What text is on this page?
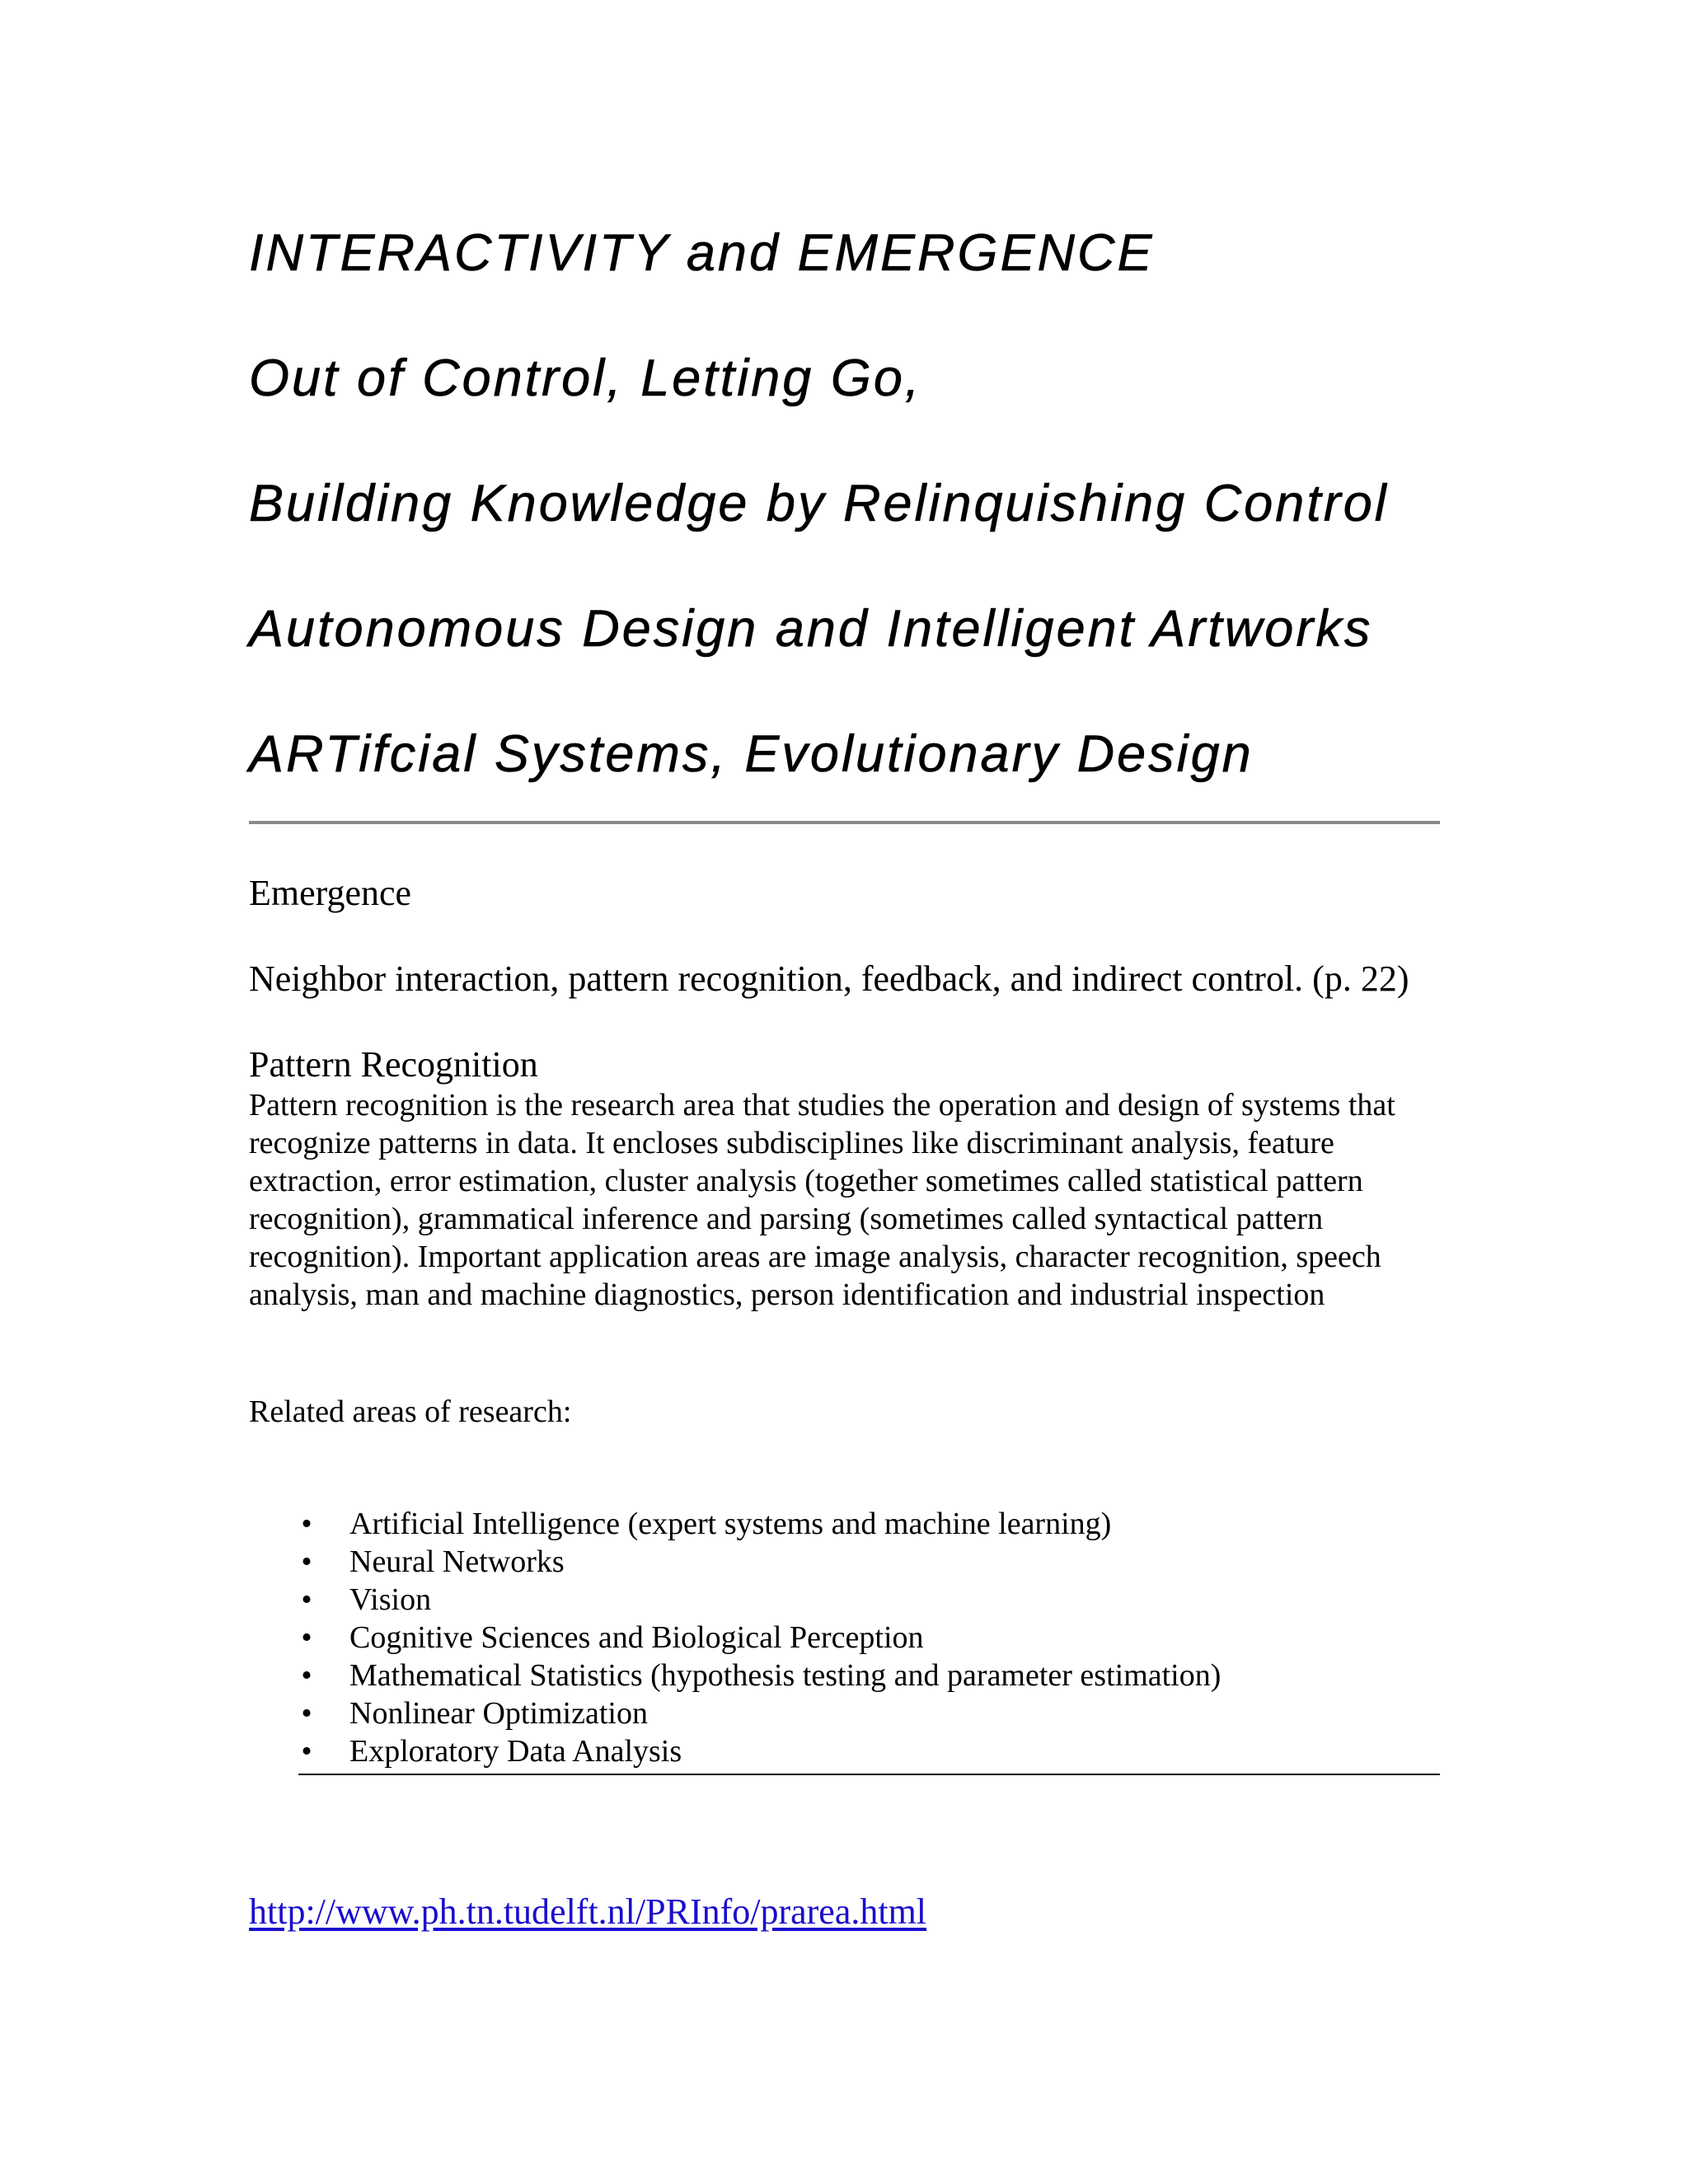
INTERACTIVITY and EMERGENCE
Out of Control, Letting Go,
Building Knowledge by Relinquishing Control
Autonomous Design and Intelligent Artworks
ARTifcial Systems, Evolutionary Design

Emergence

Neighbor interaction, pattern recognition, feedback, and indirect control. (p. 22)

Pattern Recognition

Pattern recognition is the research area that studies the operation and design of systems that recognize patterns in data. It encloses subdisciplines like discriminant analysis, feature extraction, error estimation, cluster analysis (together sometimes called statistical pattern recognition), grammatical inference and parsing (sometimes called syntactical pattern recognition). Important application areas are image analysis, character recognition, speech analysis, man and machine diagnostics, person identification and industrial inspection

Related areas of research:

• Artificial Intelligence (expert systems and machine learning)
• Neural Networks
• Vision
• Cognitive Sciences and Biological Perception
• Mathematical Statistics (hypothesis testing and parameter estimation)
• Nonlinear Optimization
• Exploratory Data Analysis
http://www.ph.tn.tudelft.nl/PRInfo/prarea.html
